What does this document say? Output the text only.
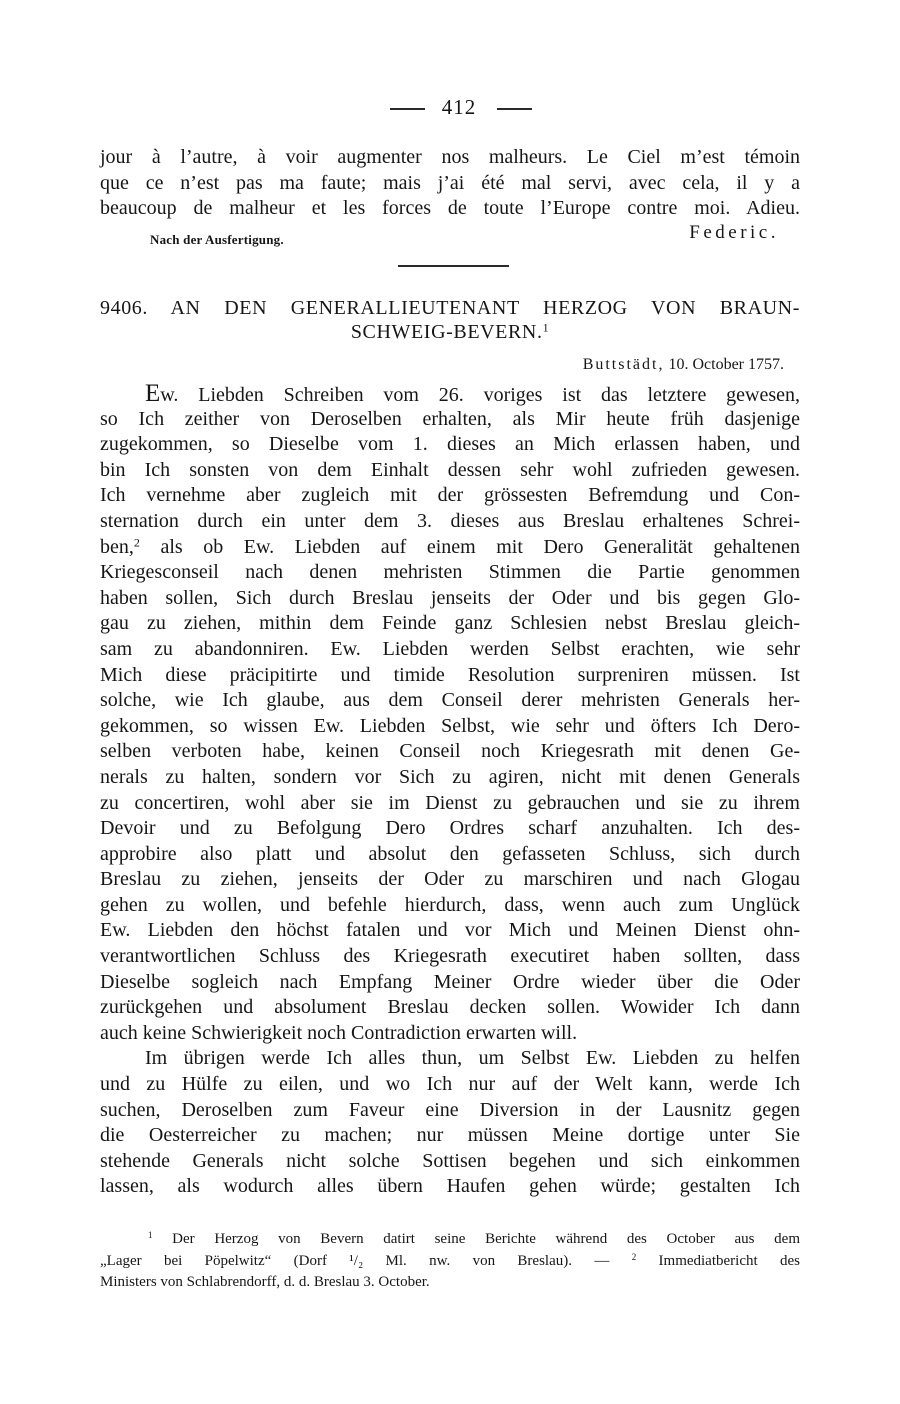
412
jour à l’autre, à voir augmenter nos malheurs. Le Ciel m’est témoin
que ce n’est pas ma faute; mais j’ai été mal servi, avec cela, il y a
beaucoup de malheur et les forces de toute l’Europe contre moi. Adieu.
Nach der Ausfertigung.	Federic.
9406. AN DEN GENERALLIEUTENANT HERZOG VON BRAUN-
SCHWEIG-BEVERN.$^1$
Buttstädt, 10. October 1757.
Ew. Liebden Schreiben vom 26. voriges ist das letztere gewesen,
so Ich zeither von Deroselben erhalten, als Mir heute früh dasjenige
zugekommen, so Dieselbe vom 1. dieses an Mich erlassen haben, und
bin Ich sonsten von dem Einhalt dessen sehr wohl zufrieden gewesen.
Ich vernehme aber zugleich mit der grössesten Befremdung und Con-
sternation durch ein unter dem 3. dieses aus Breslau erhaltenes Schrei-
ben,$^2$ als ob Ew. Liebden auf einem mit Dero Generalität gehaltenen
Kriegesconseil nach denen mehristen Stimmen die Partie genommen
haben sollen, Sich durch Breslau jenseits der Oder und bis gegen Glo-
gau zu ziehen, mithin dem Feinde ganz Schlesien nebst Breslau gleich-
sam zu abandonniren. Ew. Liebden werden Selbst erachten, wie sehr
Mich diese präcipitirte und timide Resolution surpreniren müssen. Ist
solche, wie Ich glaube, aus dem Conseil derer mehristen Generals her-
gekommen, so wissen Ew. Liebden Selbst, wie sehr und öfters Ich Dero-
selben verboten habe, keinen Conseil noch Kriegesrath mit denen Ge-
nerals zu halten, sondern vor Sich zu agiren, nicht mit denen Generals
zu concertiren, wohl aber sie im Dienst zu gebrauchen und sie zu ihrem
Devoir und zu Befolgung Dero Ordres scharf anzuhalten. Ich des-
approbire also platt und absolut den gefasseten Schluss, sich durch
Breslau zu ziehen, jenseits der Oder zu marschiren und nach Glogau
gehen zu wollen, und befehle hierdurch, dass, wenn auch zum Unglück
Ew. Liebden den höchst fatalen und vor Mich und Meinen Dienst ohn-
verantwortlichen Schluss des Kriegesrath executiret haben sollten, dass
Dieselbe sogleich nach Empfang Meiner Ordre wieder über die Oder
zurückgehen und absolument Breslau decken sollen. Wowider Ich dann
auch keine Schwierigkeit noch Contradiction erwarten will.
Im übrigen werde Ich alles thun, um Selbst Ew. Liebden zu helfen
und zu Hülfe zu eilen, und wo Ich nur auf der Welt kann, werde Ich
suchen, Deroselben zum Faveur eine Diversion in der Lausnitz gegen
die Oesterreicher zu machen; nur müssen Meine dortige unter Sie
stehende Generals nicht solche Sottisen begehen und sich einkommen
lassen, als wodurch alles übern Haufen gehen würde; gestalten Ich
$^1$ Der Herzog von Bevern datirt seine Berichte während des October aus dem
„Lager bei Pöpelwitz“ (Dorf ¹/₂ Ml. nw. von Breslau). — $^2$ Immediatbericht des
Ministers von Schlabrendorff, d. d. Breslau 3. October.
